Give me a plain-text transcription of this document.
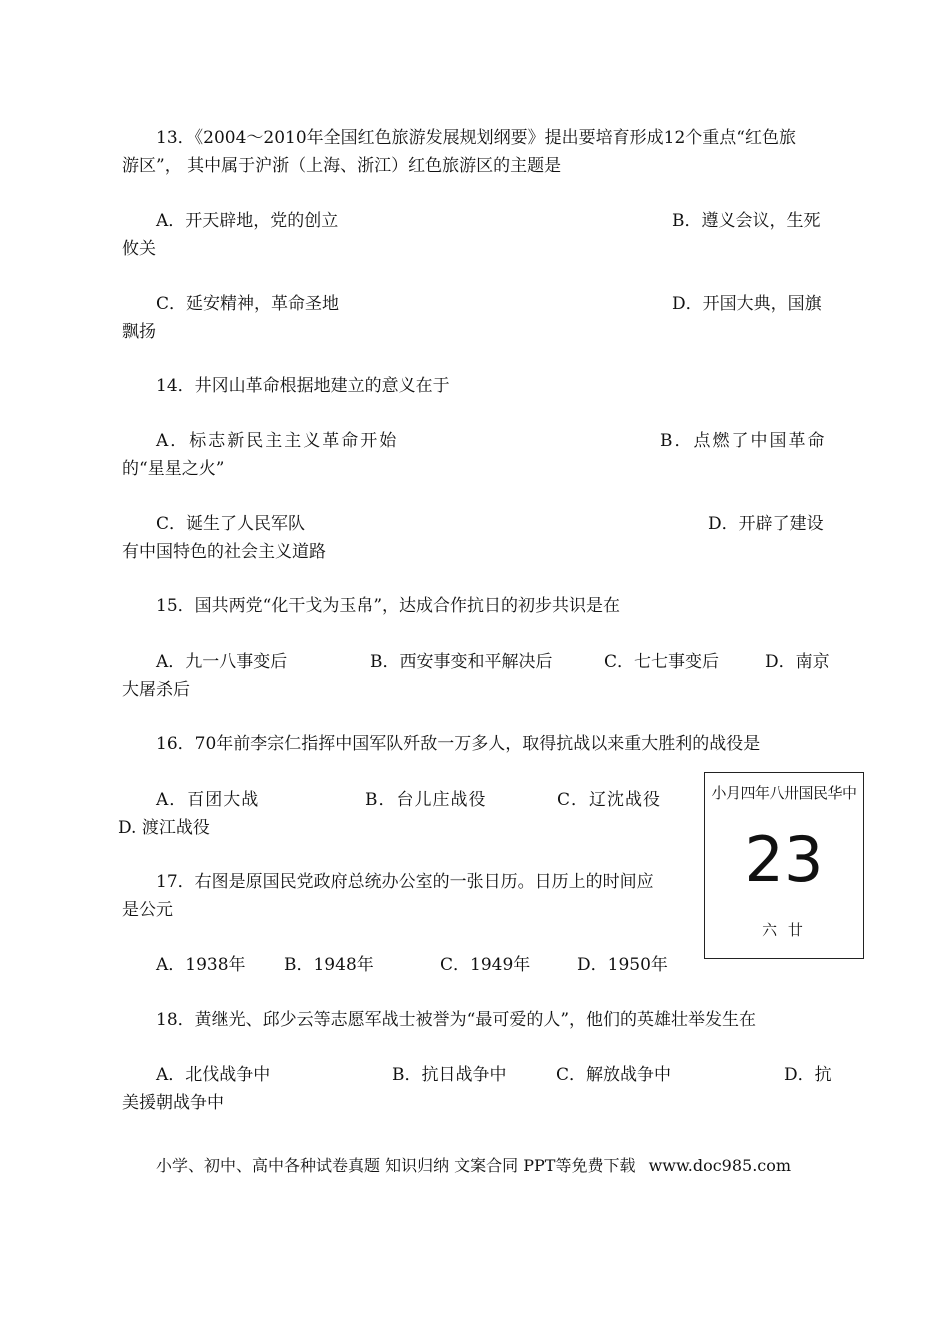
13．《2004～2010年全国红色旅游发展规划纲要》提出要培育形成12个重点“红色旅
游区”， 其中属于沪浙（上海、浙江）红色旅游区的主题是
A．开天辟地，党的创立	B．遵义会议，生死
攸关
C．延安精神，革命圣地	D．开国大典，国旗
飘扬
14．井冈山革命根据地建立的意义在于
A．标志新民主主义革命开始	B．点燃了中国革命
的“星星之火”
C．诞生了人民军队	D．开辟了建设
有中国特色的社会主义道路
15．国共两党“化干戈为玉帛”，达成合作抗日的初步共识是在
A．九一八事变后	B．西安事变和平解决后	C．七七事变后	D．南京
大屠杀后
16．70年前李宗仁指挥中国军队歼敌一万多人，取得抗战以来重大胜利的战役是
A．百团大战	B．台儿庄战役	C．辽沈战役
D. 渡江战役
小月四年八卅国民华中
23
六 廿
17．右图是原国民党政府总统办公室的一张日历。日历上的时间应
是公元
A．1938年 B．1948年	C．1949年	D．1950年
18．黄继光、邱少云等志愿军战士被誉为“最可爱的人”，他们的英雄壮举发生在
A．北伐战争中	B．抗日战争中	C．解放战争中	D．抗
美援朝战争中
小学、初中、高中各种试卷真题 知识归纳 文案合同 PPT等免费下载 www.doc985.com
